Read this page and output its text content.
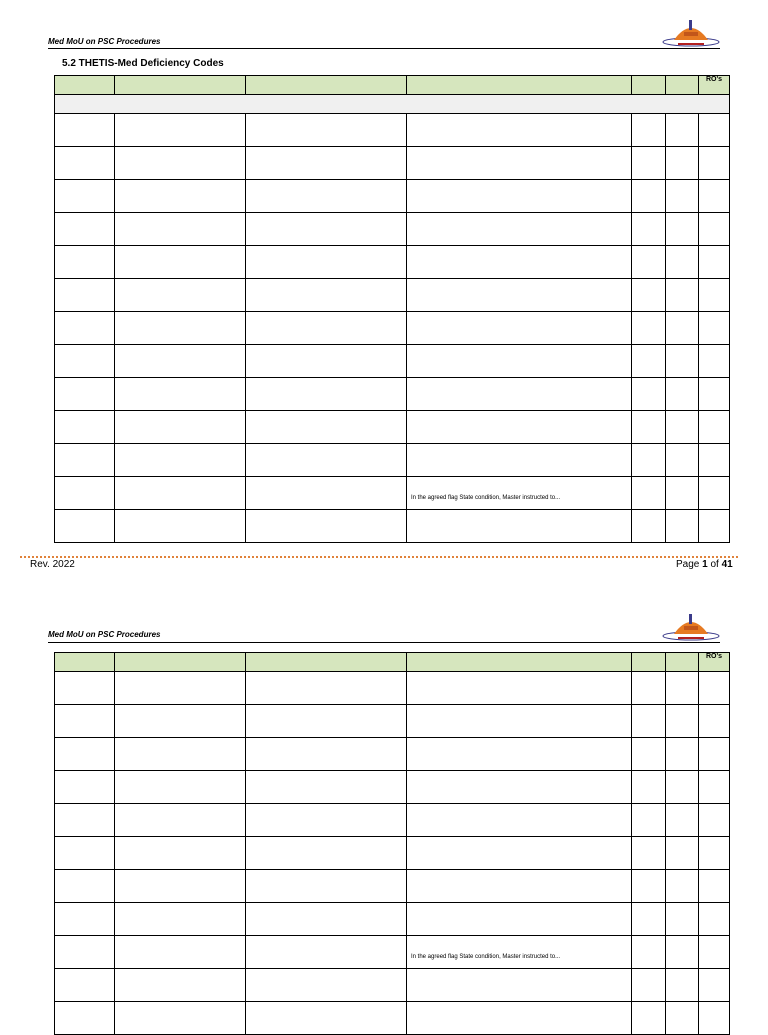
Med MoU on PSC Procedures
5.2 THETIS-Med Deficiency Codes

						RO's

			In the agreed flag State condition, Master instructed to...			

Rev. 2022	Page 1 of 41
Med MoU on PSC Procedures

						RO's

			In the agreed flag State condition, Master instructed to...			
